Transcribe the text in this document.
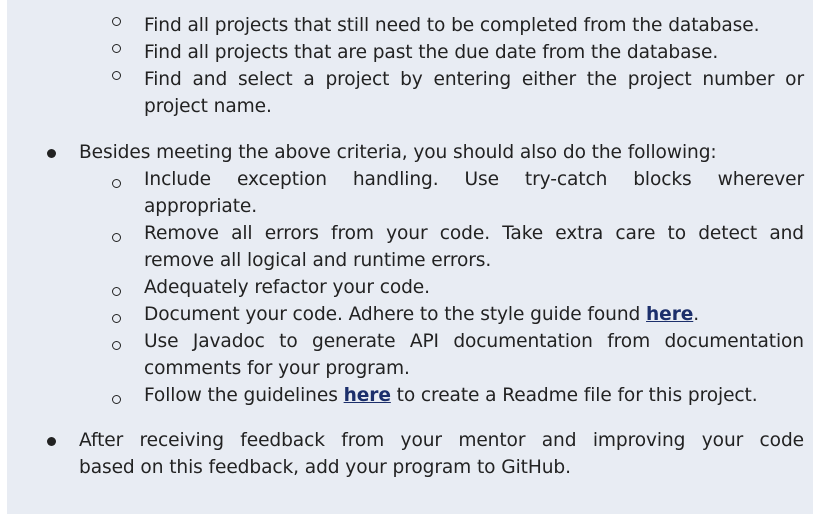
Find all projects that still need to be completed from the database.
Find all projects that are past the due date from the database.
Find and select a project by entering either the project number or
project name.
Besides meeting the above criteria, you should also do the following:
Include exception handling. Use try-catch blocks wherever
appropriate.
Remove all errors from your code. Take extra care to detect and
remove all logical and runtime errors.
Adequately refactor your code.
Document your code. Adhere to the style guide found here.
Use Javadoc to generate API documentation from documentation
comments for your program.
Follow the guidelines here to create a Readme file for this project.
After receiving feedback from your mentor and improving your code
based on this feedback, add your program to GitHub.
